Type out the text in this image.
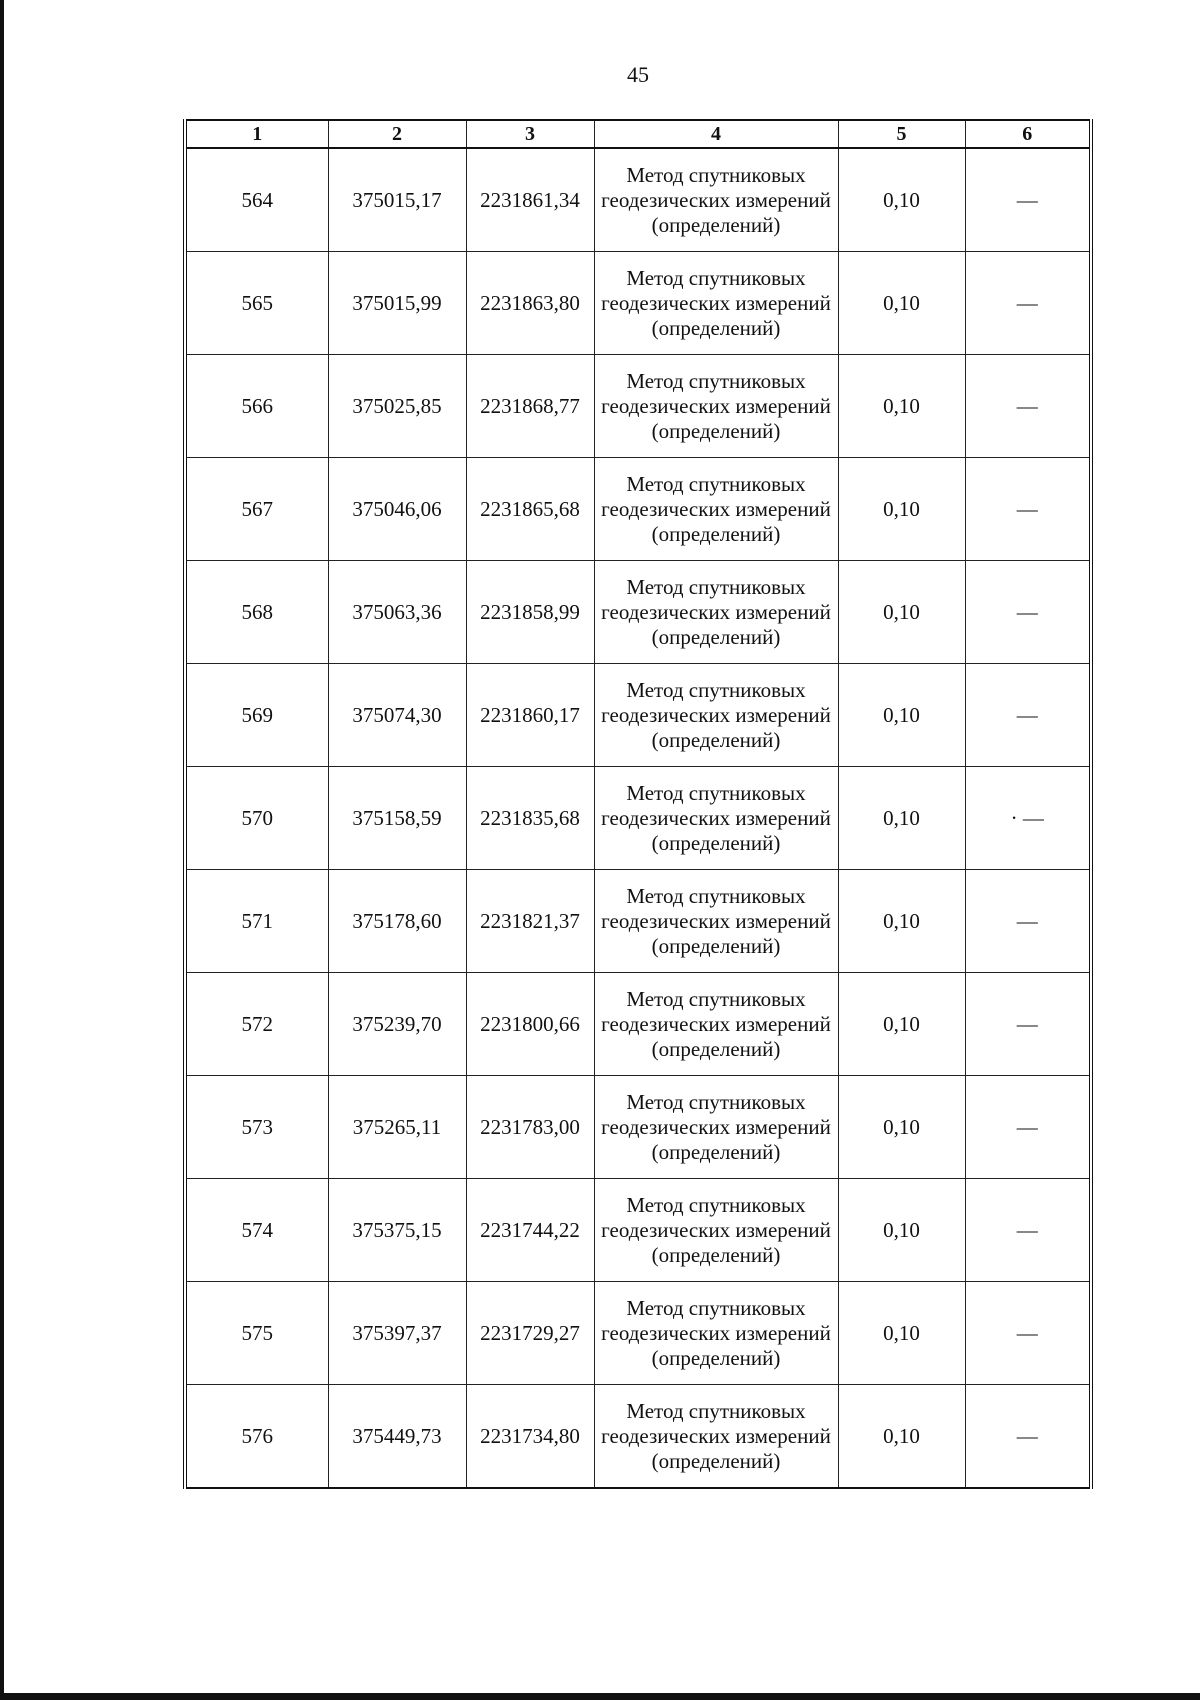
45
1	2	3	4	5	6
564	375015,17	2231861,34	Метод спутниковых геодезических измерений (определений)	0,10	—
565	375015,99	2231863,80	Метод спутниковых геодезических измерений (определений)	0,10	—
566	375025,85	2231868,77	Метод спутниковых геодезических измерений (определений)	0,10	—
567	375046,06	2231865,68	Метод спутниковых геодезических измерений (определений)	0,10	—
568	375063,36	2231858,99	Метод спутниковых геодезических измерений (определений)	0,10	—
569	375074,30	2231860,17	Метод спутниковых геодезических измерений (определений)	0,10	—
570	375158,59	2231835,68	Метод спутниковых геодезических измерений (определений)	0,10	· —
571	375178,60	2231821,37	Метод спутниковых геодезических измерений (определений)	0,10	—
572	375239,70	2231800,66	Метод спутниковых геодезических измерений (определений)	0,10	—
573	375265,11	2231783,00	Метод спутниковых геодезических измерений (определений)	0,10	—
574	375375,15	2231744,22	Метод спутниковых геодезических измерений (определений)	0,10	—
575	375397,37	2231729,27	Метод спутниковых геодезических измерений (определений)	0,10	—
576	375449,73	2231734,80	Метод спутниковых геодезических измерений (определений)	0,10	—
